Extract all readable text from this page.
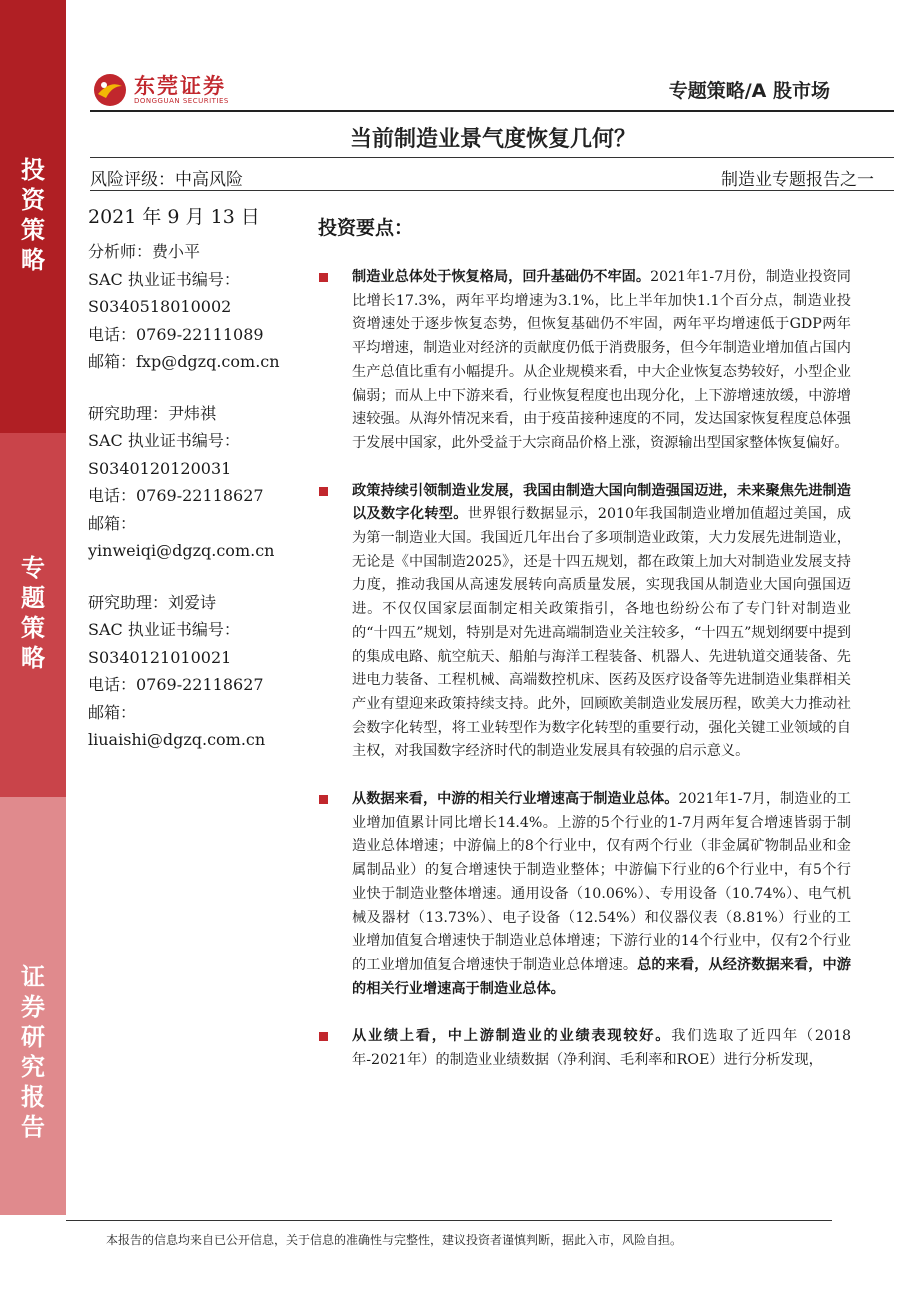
投
资
策
略
专
题
策
略
证
券
研
究
报
告
东莞证券
DONGGUAN SECURITIES	专题策略/A 股市场
当前制造业景气度恢复几何？
风险评级：中高风险	制造业专题报告之一
2021 年 9 月 13 日
分析师：费小平
SAC 执业证书编号：
S0340518010002
电话：0769-22111089
邮箱：fxp@dgzq.com.cn
研究助理：尹炜祺
SAC 执业证书编号：
S0340120120031
电话：0769-22118627
邮箱：
yinweiqi@dgzq.com.cn
研究助理：刘爱诗
SAC 执业证书编号：
S0340121010021
电话：0769-22118627
邮箱：
liuaishi@dgzq.com.cn
投资要点：
制造业总体处于恢复格局，回升基础仍不牢固。2021年1-7月份，制造业投资同比增长17.3%，两年平均增速为3.1%，比上半年加快1.1个百分点，制造业投资增速处于逐步恢复态势，但恢复基础仍不牢固，两年平均增速低于GDP两年平均增速，制造业对经济的贡献度仍低于消费服务，但今年制造业增加值占国内生产总值比重有小幅提升。从企业规模来看，中大企业恢复态势较好，小型企业偏弱；而从上中下游来看，行业恢复程度也出现分化，上下游增速放缓，中游增速较强。从海外情况来看，由于疫苗接种速度的不同，发达国家恢复程度总体强于发展中国家，此外受益于大宗商品价格上涨，资源输出型国家整体恢复偏好。
政策持续引领制造业发展，我国由制造大国向制造强国迈进，未来聚焦先进制造以及数字化转型。世界银行数据显示，2010年我国制造业增加值超过美国，成为第一制造业大国。我国近几年出台了多项制造业政策，大力发展先进制造业，无论是《中国制造2025》，还是十四五规划，都在政策上加大对制造业发展支持力度，推动我国从高速发展转向高质量发展，实现我国从制造业大国向强国迈进。不仅仅国家层面制定相关政策指引，各地也纷纷公布了专门针对制造业的“十四五”规划，特别是对先进高端制造业关注较多，“十四五”规划纲要中提到的集成电路、航空航天、船舶与海洋工程装备、机器人、先进轨道交通装备、先进电力装备、工程机械、高端数控机床、医药及医疗设备等先进制造业集群相关产业有望迎来政策持续支持。此外，回顾欧美制造业发展历程，欧美大力推动社会数字化转型，将工业转型作为数字化转型的重要行动，强化关键工业领域的自主权，对我国数字经济时代的制造业发展具有较强的启示意义。
从数据来看，中游的相关行业增速高于制造业总体。2021年1-7月，制造业的工业增加值累计同比增长14.4%。上游的5个行业的1-7月两年复合增速皆弱于制造业总体增速；中游偏上的8个行业中，仅有两个行业（非金属矿物制品业和金属制品业）的复合增速快于制造业整体；中游偏下行业的6个行业中，有5个行业快于制造业整体增速。通用设备（10.06%）、专用设备（10.74%）、电气机械及器材（13.73%）、电子设备（12.54%）和仪器仪表（8.81%）行业的工业增加值复合增速快于制造业总体增速；下游行业的14个行业中，仅有2个行业的工业增加值复合增速快于制造业总体增速。总的来看，从经济数据来看，中游的相关行业增速高于制造业总体。
从业绩上看，中上游制造业的业绩表现较好。我们选取了近四年（2018年-2021年）的制造业业绩数据（净利润、毛利率和ROE）进行分析发现，
本报告的信息均来自已公开信息，关于信息的准确性与完整性，建议投资者谨慎判断，据此入市，风险自担。
